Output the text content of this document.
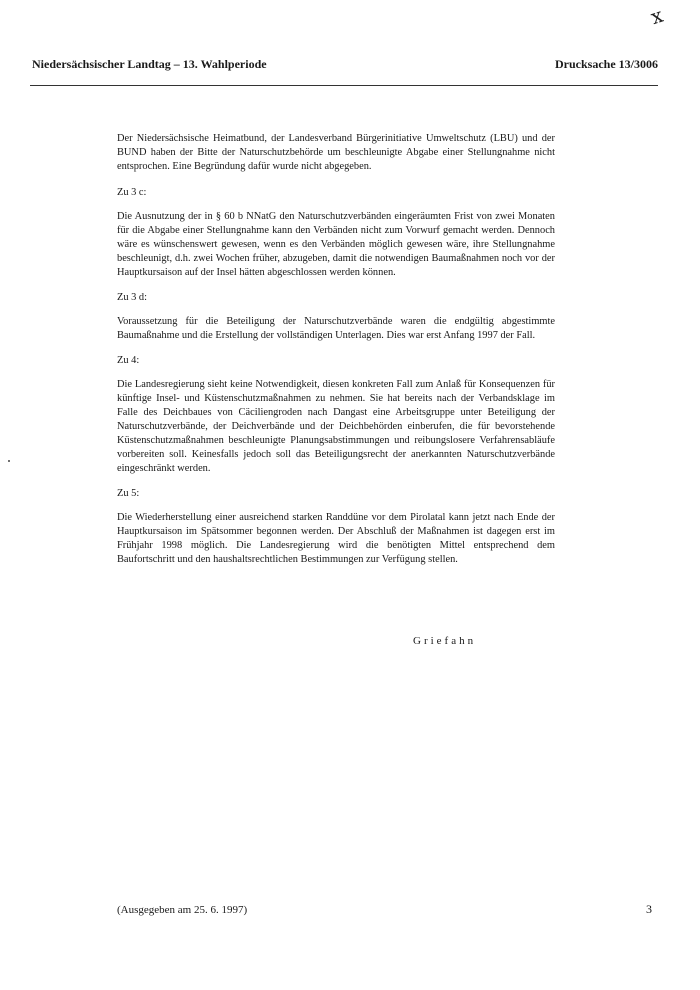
x
Niedersächsischer Landtag – 13. Wahlperiode	Drucksache 13/3006

Der Niedersächsische Heimatbund, der Landesverband Bürgerinitiative Umweltschutz (LBU) und der BUND haben der Bitte der Naturschutzbehörde um beschleunigte Abgabe einer Stellungnahme nicht entsprochen. Eine Begründung dafür wurde nicht abgegeben.

Zu 3 c:

Die Ausnutzung der in § 60 b NNatG den Naturschutzverbänden eingeräumten Frist von zwei Monaten für die Abgabe einer Stellungnahme kann den Verbänden nicht zum Vorwurf gemacht werden. Dennoch wäre es wünschenswert gewesen, wenn es den Verbänden möglich gewesen wäre, ihre Stellungnahme beschleunigt, d.h. zwei Wochen früher, abzugeben, damit die notwendigen Baumaßnahmen noch vor der Hauptkursaison auf der Insel hätten abgeschlossen werden können.

Zu 3 d:

Voraussetzung für die Beteiligung der Naturschutzverbände waren die endgültig abgestimmte Baumaßnahme und die Erstellung der vollständigen Unterlagen. Dies war erst Anfang 1997 der Fall.

Zu 4:

Die Landesregierung sieht keine Notwendigkeit, diesen konkreten Fall zum Anlaß für Konsequenzen für künftige Insel- und Küstenschutzmaßnahmen zu nehmen. Sie hat bereits nach der Verbandsklage im Falle des Deichbaues von Cäciliengroden nach Dangast eine Arbeitsgruppe unter Beteiligung der Naturschutzverbände, der Deichverbände und der Deichbehörden einberufen, die für bevorstehende Küstenschutzmaßnahmen beschleunigte Planungsabstimmungen und reibungslosere Verfahrensabläufe vorbereiten soll. Keinesfalls jedoch soll das Beteiligungsrecht der anerkannten Naturschutzverbände eingeschränkt werden.

Zu 5:

Die Wiederherstellung einer ausreichend starken Randdüne vor dem Pirolatal kann jetzt nach Ende der Hauptkursaison im Spätsommer begonnen werden. Der Abschluß der Maßnahmen ist dagegen erst im Frühjahr 1998 möglich. Die Landesregierung wird die benötigten Mittel entsprechend dem Baufortschritt und den haushaltsrechtlichen Bestimmungen zur Verfügung stellen.

Griefahn
(Ausgegeben am 25. 6. 1997)	3
